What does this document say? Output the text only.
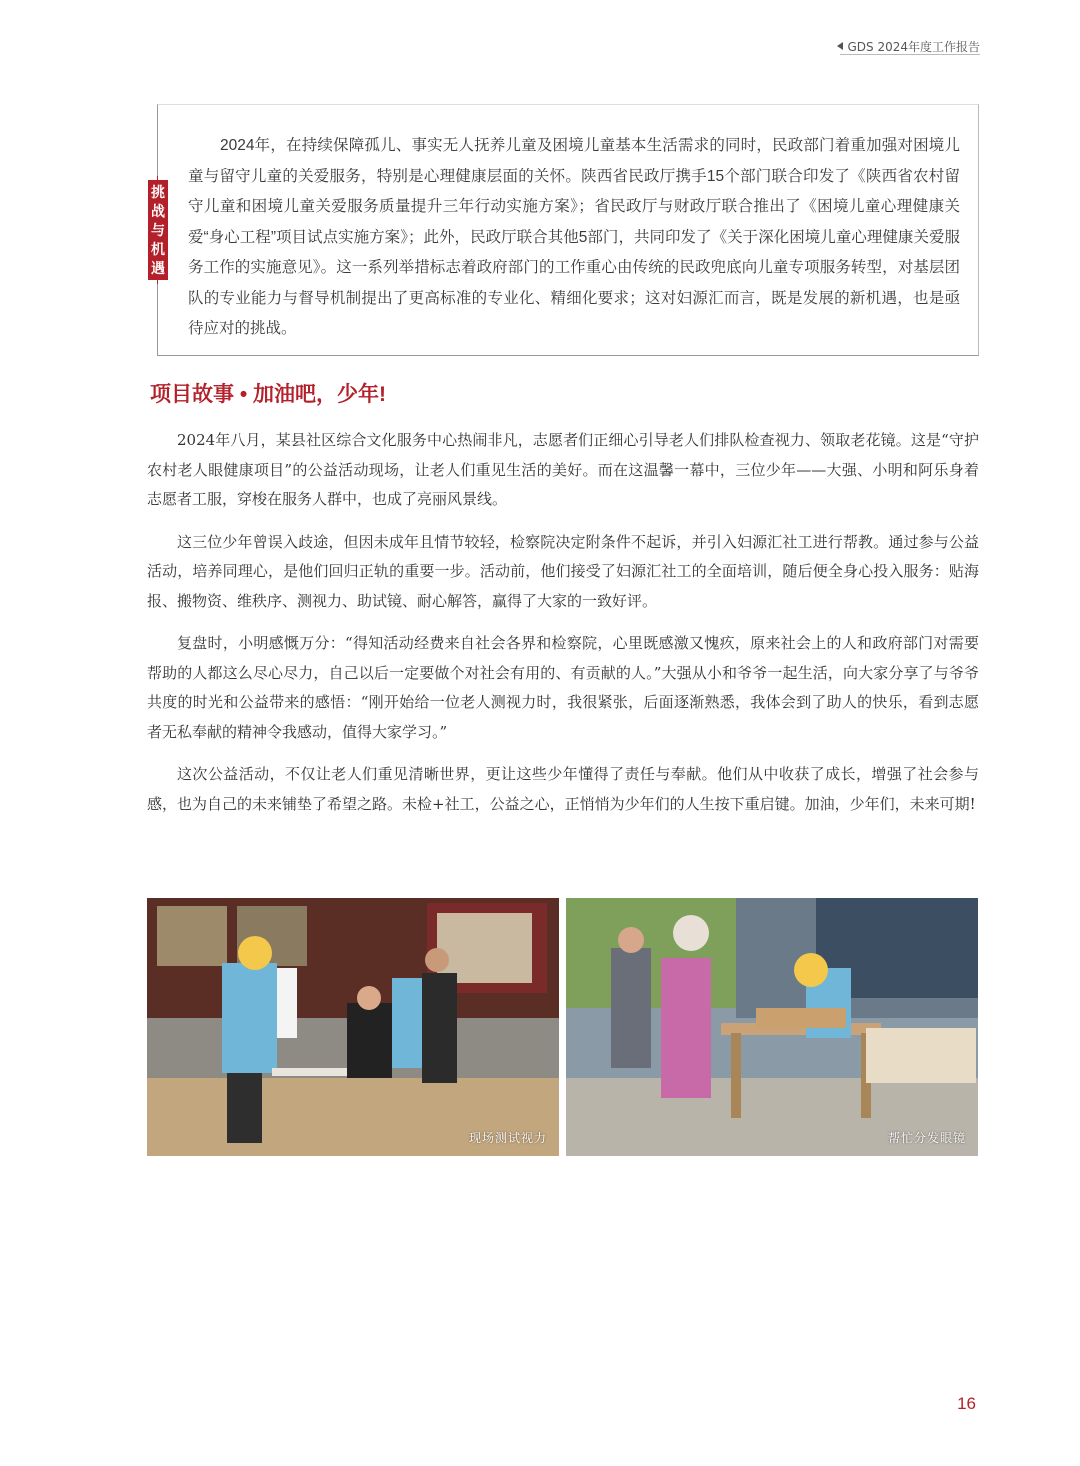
GDS 2024年度工作报告
2024年，在持续保障孤儿、事实无人抚养儿童及困境儿童基本生活需求的同时，民政部门着重加强对困境儿童与留守儿童的关爱服务，特别是心理健康层面的关怀。陕西省民政厅携手15个部门联合印发了《陕西省农村留守儿童和困境儿童关爱服务质量提升三年行动实施方案》；省民政厅与财政厅联合推出了《困境儿童心理健康关爱“身心工程”项目试点实施方案》；此外，民政厅联合其他5部门，共同印发了《关于深化困境儿童心理健康关爱服务工作的实施意见》。这一系列举措标志着政府部门的工作重心由传统的民政兜底向儿童专项服务转型，对基层团队的专业能力与督导机制提出了更高标准的专业化、精细化要求；这对妇源汇而言，既是发展的新机遇，也是亟待应对的挑战。
挑
战
与
机
遇
项目故事 • 加油吧，少年!

2024年八月，某县社区综合文化服务中心热闹非凡，志愿者们正细心引导老人们排队检查视力、领取老花镜。这是“守护农村老人眼健康项目”的公益活动现场，让老人们重见生活的美好。而在这温馨一幕中，三位少年——大强、小明和阿乐身着志愿者工服，穿梭在服务人群中，也成了亮丽风景线。

这三位少年曾误入歧途，但因未成年且情节较轻，检察院决定附条件不起诉，并引入妇源汇社工进行帮教。通过参与公益活动，培养同理心，是他们回归正轨的重要一步。活动前，他们接受了妇源汇社工的全面培训，随后便全身心投入服务：贴海报、搬物资、维秩序、测视力、助试镜、耐心解答，赢得了大家的一致好评。

复盘时，小明感慨万分：“得知活动经费来自社会各界和检察院，心里既感激又愧疚，原来社会上的人和政府部门对需要帮助的人都这么尽心尽力，自己以后一定要做个对社会有用的、有贡献的人。”大强从小和爷爷一起生活，向大家分享了与爷爷共度的时光和公益带来的感悟：“刚开始给一位老人测视力时，我很紧张，后面逐渐熟悉，我体会到了助人的快乐，看到志愿者无私奉献的精神令我感动，值得大家学习。”

这次公益活动，不仅让老人们重见清晰世界，更让这些少年懂得了责任与奉献。他们从中收获了成长，增强了社会参与感，也为自己的未来铺垫了希望之路。未检+社工，公益之心，正悄悄为少年们的人生按下重启键。加油，少年们，未来可期!

现场测试视力	帮忙分发眼镜
16
